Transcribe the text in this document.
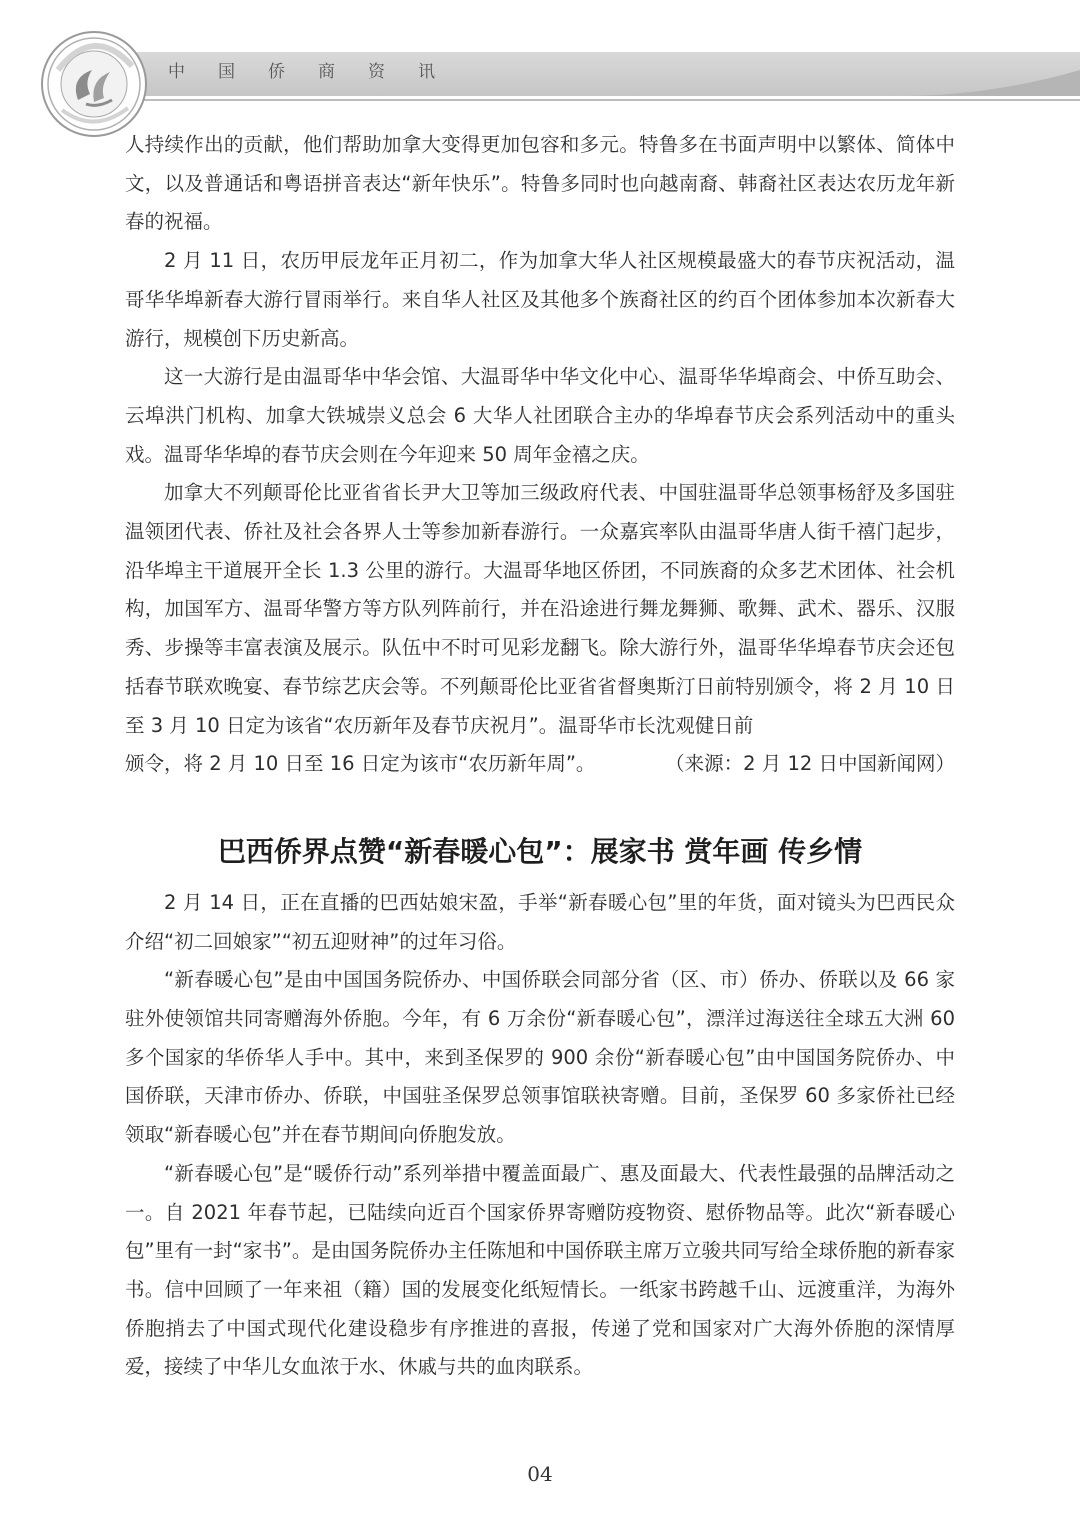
中国侨商资讯

人持续作出的贡献，他们帮助加拿大变得更加包容和多元。特鲁多在书面声明中以繁体、简体中文，以及普通话和粤语拼音表达“新年快乐”。特鲁多同时也向越南裔、韩裔社区表达农历龙年新春的祝福。

2 月 11 日，农历甲辰龙年正月初二，作为加拿大华人社区规模最盛大的春节庆祝活动，温哥华华埠新春大游行冒雨举行。来自华人社区及其他多个族裔社区的约百个团体参加本次新春大游行，规模创下历史新高。

这一大游行是由温哥华中华会馆、大温哥华中华文化中心、温哥华华埠商会、中侨互助会、云埠洪门机构、加拿大铁城崇义总会 6 大华人社团联合主办的华埠春节庆会系列活动中的重头戏。温哥华华埠的春节庆会则在今年迎来 50 周年金禧之庆。

加拿大不列颠哥伦比亚省省长尹大卫等加三级政府代表、中国驻温哥华总领事杨舒及多国驻温领团代表、侨社及社会各界人士等参加新春游行。一众嘉宾率队由温哥华唐人街千禧门起步，沿华埠主干道展开全长 1.3 公里的游行。大温哥华地区侨团，不同族裔的众多艺术团体、社会机构，加国军方、温哥华警方等方队列阵前行，并在沿途进行舞龙舞狮、歌舞、武术、器乐、汉服秀、步操等丰富表演及展示。队伍中不时可见彩龙翻飞。除大游行外，温哥华华埠春节庆会还包括春节联欢晚宴、春节综艺庆会等。不列颠哥伦比亚省省督奥斯汀日前特别颁令，将 2 月 10 日至 3 月 10 日定为该省“农历新年及春节庆祝月”。温哥华市长沈观健日前

颁令，将 2 月 10 日至 16 日定为该市“农历新年周”。	（来源：2 月 12 日中国新闻网）

巴西侨界点赞“新春暖心包”：展家书 赏年画 传乡情

2 月 14 日，正在直播的巴西姑娘宋盈，手举“新春暖心包”里的年货，面对镜头为巴西民众介绍“初二回娘家”“初五迎财神”的过年习俗。

“新春暖心包”是由中国国务院侨办、中国侨联会同部分省（区、市）侨办、侨联以及 66 家驻外使领馆共同寄赠海外侨胞。今年，有 6 万余份“新春暖心包”，漂洋过海送往全球五大洲 60 多个国家的华侨华人手中。其中，来到圣保罗的 900 余份“新春暖心包”由中国国务院侨办、中国侨联，天津市侨办、侨联，中国驻圣保罗总领事馆联袂寄赠。目前，圣保罗 60 多家侨社已经领取“新春暖心包”并在春节期间向侨胞发放。

“新春暖心包”是“暖侨行动”系列举措中覆盖面最广、惠及面最大、代表性最强的品牌活动之一。自 2021 年春节起，已陆续向近百个国家侨界寄赠防疫物资、慰侨物品等。此次“新春暖心包”里有一封“家书”。是由国务院侨办主任陈旭和中国侨联主席万立骏共同写给全球侨胞的新春家书。信中回顾了一年来祖（籍）国的发展变化纸短情长。一纸家书跨越千山、远渡重洋，为海外侨胞捎去了中国式现代化建设稳步有序推进的喜报，传递了党和国家对广大海外侨胞的深情厚爱，接续了中华儿女血浓于水、休戚与共的血肉联系。

04
